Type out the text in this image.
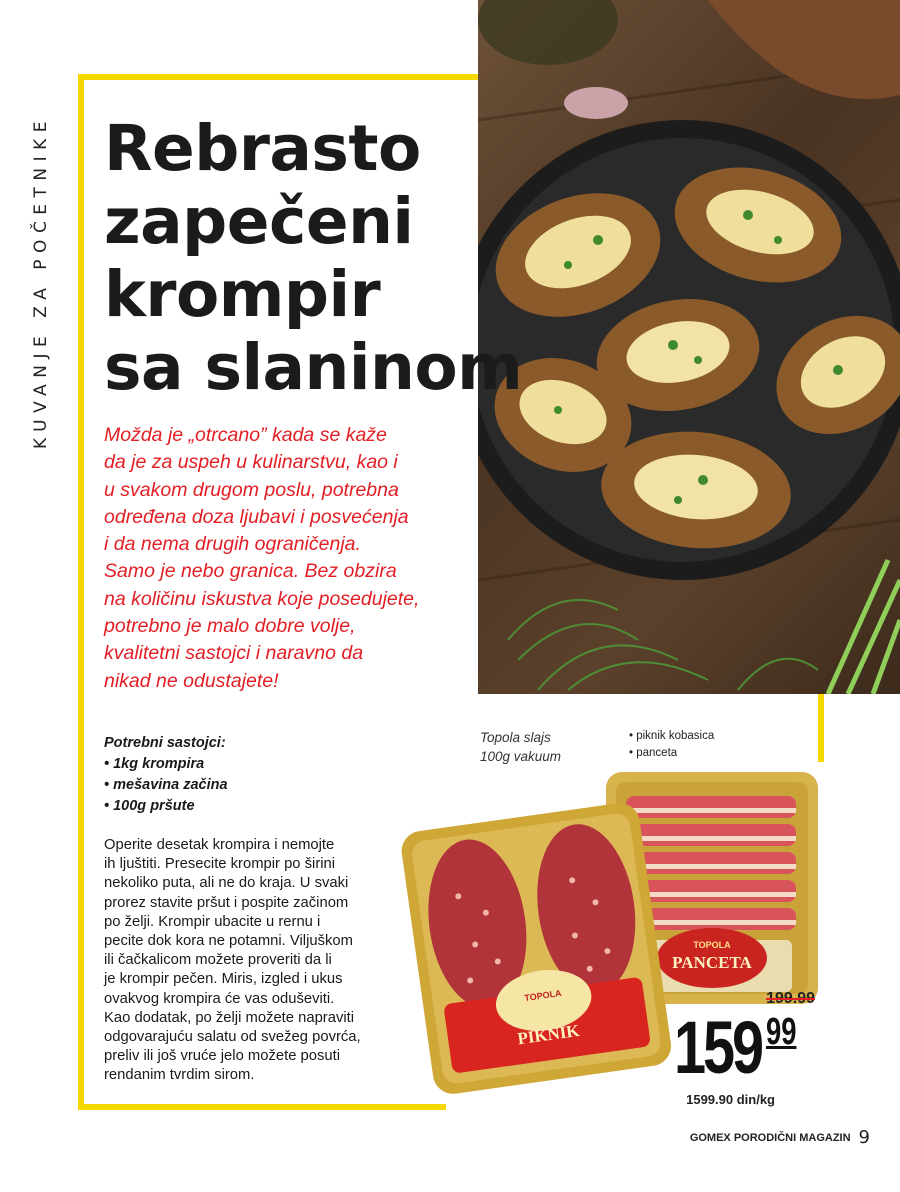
KUVANJE ZA POČETNIKE Rebrasto
zapečeni
krompir
sa slaninom
Možda je „otrcano” kada se kaže
da je za uspeh u kulinarstvu, kao i
u svakom drugom poslu, potrebna
određena doza ljubavi i posvećenja
i da nema drugih ograničenja.
Samo je nebo granica. Bez obzira
na količinu iskustva koje posedujete,
potrebno je malo dobre volje,
kvalitetni sastojci i naravno da
nikad ne odustajete!
Potrebni sastojci:
• 1kg krompira
• mešavina začina
• 100g pršute
Operite desetak krompira i nemojte
ih ljuštiti. Presecite krompir po širini
nekoliko puta, ali ne do kraja. U svaki
prorez stavite pršut i pospite začinom
po želji. Krompir ubacite u rernu i
pecite dok kora ne potamni. Viljuškom
ili čačkalicom možete proveriti da li
je krompir pečen. Miris, izgled i ukus
ovakvog krompira će vas oduševiti.
Kao dodatak, po želji možete napraviti
odgovarajuću salatu od svežeg povrća,
preliv ili još vruće jelo možete posuti
rendanim tvrdim sirom.
Topola slajs
100g vakuum
• piknik kobasica
• panceta
TOPOLA
PANCETA
TOPOLA
PIKNIK
199.99
159 99
1599.90 din/kg
GOMEX PORODIČNI MAGAZIN 9
